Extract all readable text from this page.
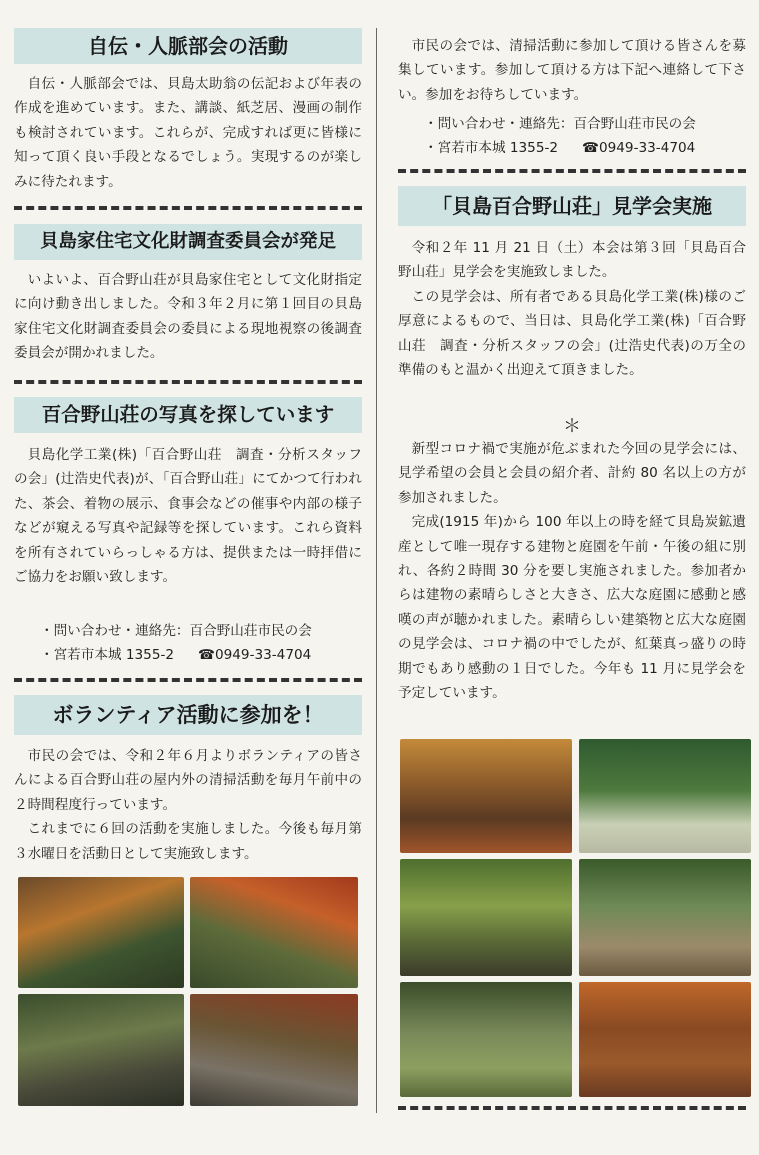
自伝・人脈部会の活動

自伝・人脈部会では、貝島太助翁の伝記および年表の作成を進めています。また、講談、紙芝居、漫画の制作も検討されています。これらが、完成すれば更に皆様に知って頂く良い手段となるでしょう。実現するのが楽しみに待たれます。

貝島家住宅文化財調査委員会が発足

いよいよ、百合野山荘が貝島家住宅として文化財指定に向け動き出しました。令和３年２月に第１回目の貝島家住宅文化財調査委員会の委員による現地視察の後調査委員会が開かれました。

百合野山荘の写真を探しています

貝島化学工業(株)「百合野山荘　調査・分析スタッフの会」(辻浩史代表)が、「百合野山荘」にてかつて行われた、茶会、着物の展示、食事会などの催事や内部の様子などが窺える写真や記録等を探しています。これら資料を所有されていらっしゃる方は、提供または一時拝借にご協力をお願い致します。

・問い合わせ・連絡先：百合野山荘市民の会
・宮若市本城 1355-2 ☎0949-33-4704
ボランティア活動に参加を！

市民の会では、令和２年６月よりボランティアの皆さんによる百合野山荘の屋内外の清掃活動を毎月午前中の２時間程度行っています。

これまでに６回の活動を実施しました。今後も毎月第３水曜日を活動日として実施致します。

市民の会では、清掃活動に参加して頂ける皆さんを募集しています。参加して頂ける方は下記へ連絡して下さい。参加をお待ちしています。

・問い合わせ・連絡先：百合野山荘市民の会
・宮若市本城 1355-2 ☎0949-33-4704
「貝島百合野山荘」見学会実施

令和２年 11 月 21 日（土）本会は第３回「貝島百合野山荘」見学会を実施致しました。

この見学会は、所有者である貝島化学工業(株)様のご厚意によるもので、当日は、貝島化学工業(株)「百合野山荘　調査・分析スタッフの会」(辻浩史代表)の万全の準備のもと温かく出迎えて頂きました。

＊

新型コロナ禍で実施が危ぶまれた今回の見学会には、見学希望の会員と会員の紹介者、計約 80 名以上の方が参加されました。

完成(1915 年)から 100 年以上の時を経て貝島炭鉱遺産として唯一現存する建物と庭園を午前・午後の組に別れ、各約２時間 30 分を要し実施されました。参加者からは建物の素晴らしさと大きさ、広大な庭園に感動と感嘆の声が聴かれました。素晴らしい建築物と広大な庭園の見学会は、コロナ禍の中でしたが、紅葉真っ盛りの時期でもあり感動の１日でした。今年も 11 月に見学会を予定しています。
